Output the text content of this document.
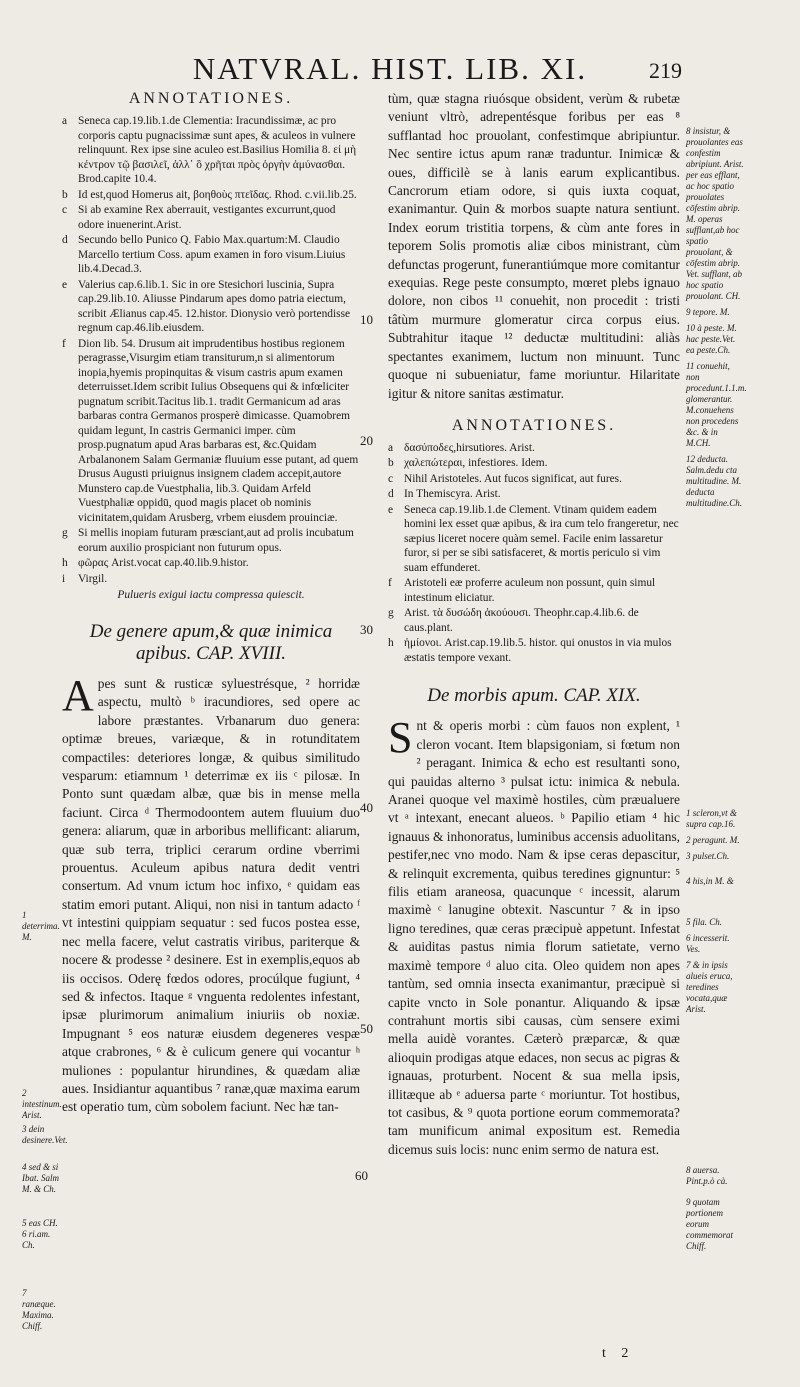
NATVRAL. HIST. LIB. XI.	219
ANNOTATIONES.
a Seneca cap.19.lib.1.de Clementia: Iracundissimæ, ac pro corporis captu pugnacissimæ sunt apes, & aculeos in vulnere relinquunt. Rex ipse sine aculeo est.Basilius Homilia 8. εἰ μὴ κέντρον τῷ βασιλεῖ, ἀλλ᾽ ὃ χρῆται πρὸς ὀργὴν ἀμύνασθαι. Brod.capite 10.4.
b Id est,quod Homerus ait, βοηθοὺς πτεῖδας. Rhod. c.vii.lib.25.
c Si ab examine Rex aberrauit, vestigantes excurrunt,quod odore inuenerint.Arist.
d Secundo bello Punico Q. Fabio Max.quartum:M. Claudio Marcello tertium Coss. apum examen in foro visum.Liuius lib.4.Decad.3.
e Valerius cap.6.lib.1. Sic in ore Stesichori luscinia, Supra cap.29.lib.10. Aliusse Pindarum apes domo patria eiectum, scribit Ælianus cap.45. 12.histor. Dionysio verò portendisse regnum cap.46.lib.eiusdem.
f	Dion lib. 54. Drusum ait imprudentibus hostibus regionem peragrasse,Visurgim etiam transiturum,n si alimentorum inopia,hyemis propinquitas & visum castris apum examen deterruisset.Idem scribit Iulius Obsequens qui & infœliciter pugnatum scribit.Tacitus lib.1. tradit Germanicum ad aras barbaras contra Germanos prosperè dimicasse. Quamobrem quidam legunt, In castris Germanici imper. cùm prosp.pugnatum apud Aras barbaras est, &c.Quidam Arbalanonem Salam Germaniæ fluuium esse putant, ad quem Drusus Augusti priuignus insignem cladem accepit,autore Munstero cap.de Vuestphalia, lib.3. Quidam Arfeld Vuestphaliæ oppidū, quod magis placet ob nominis vicinitatem,quidam Arusberg, vrbem eiusdem prouinciæ.
g Si mellis inopiam futuram præsciant,aut ad prolis incubatum eorum auxilio prospiciant non futurum opus.
h φῶρας Arist.vocat cap.40.lib.9.histor.
i	Virgil.
Pulueris exigui iactu compressa quiescit.
De genere apum,& quæ inimica apibus. CAP. XVIII.

Apes sunt & rusticæ syluestrésque, ² horridæ aspectu, multò ᵇ iracundiores, sed opere ac labore præstantes. Vrbanarum duo genera: optimæ breues, variæque, & in rotunditatem compactiles: deteriores longæ, & quibus similitudo vesparum: etiamnum ¹ deterrimæ ex iis ᶜ pilosæ. In Ponto sunt quædam albæ, quæ bis in mense mella faciunt. Circa ᵈ Thermodoontem autem fluuium duo genera: aliarum, quæ in arboribus mellificant: aliarum, quæ sub terra, triplici cerarum ordine vberrimi prouentus. Aculeum apibus natura dedit ventri consertum. Ad vnum ictum hoc infixo, ᵉ quidam eas statim emori putant. Aliqui, non nisi in tantum adacto ᶠ vt intestini quippiam sequatur : sed fucos postea esse, nec mella facere, velut castratis viribus, pariterque & nocere & prodesse ² desinere. Est in exemplis,equos ab iis occisos. Oderę fœdos odores, procúlque fugiunt, ⁴ sed & infectos. Itaque ᵍ vnguenta redolentes infestant, ipsæ plurimorum animalium iniuriis ob noxiæ. Impugnant ⁵ eos naturæ eiusdem degeneres vespæ atque crabrones, ⁶ & è culicum genere qui vocantur ʰ muliones : populantur hirundines, & quædam aliæ aues. Insidiantur aquantibus ⁷ ranæ,quæ maxima earum est operatio tum, cùm sobolem faciunt. Nec hæ tan-

tùm, quæ stagna riuósque obsident, verùm & rubetæ veniunt vltrò, adrepentésque foribus per eas ⁸ sufflantad hoc prouolant, confestimque abripiuntur. Nec sentire ictus apum ranæ traduntur. Inimicæ & oues, difficilè se à lanis earum explicantibus. Cancrorum etiam odore, si quis iuxta coquat, exanimantur. Quin & morbos suapte natura sentiunt. Index eorum tristitia torpens, & cùm ante fores in teporem Solis promotis aliæ cibos ministrant, cùm defunctas progerunt, funerantiúmque more comitantur exequias. Rege peste consumpto, mœret plebs ignauo dolore, non cibos ¹¹ conuehit, non procedit : tristi tâtùm murmure glomeratur circa corpus eius. Subtrahitur itaque ¹² deductæ multitudini: aliàs spectantes exanimem, luctum non minuunt. Tunc quoque ni subueniatur, fame moriuntur. Hilaritate igitur & nitore sanitas æstimatur.

ANNOTATIONES.
a δασύποδες,hirsutiores. Arist.
b χαλεπώτεραι, infestiores. Idem.
c Nihil Aristoteles. Aut fucos significat, aut fures.
d In Themiscyra. Arist.
e Seneca cap.19.lib.1.de Clement. Vtinam quidem eadem homini lex esset quæ apibus, & ira cum telo frangeretur, nec sæpius liceret nocere quàm semel. Facile enim lassaretur furor, si per se sibi satisfaceret, & mortis periculo si vim suam effunderet.
f	Aristoteli eæ proferre aculeum non possunt, quin simul intestinum eliciatur.
g Arist. τὰ δυσώδη ἀκούουσι. Theophr.cap.4.lib.6. de caus.plant.
h ἡμίονοι. Arist.cap.19.lib.5. histor. qui onustos in via mulos æstatis tempore vexant.
De morbis apum. CAP. XIX.

Snt & operis morbi : cùm fauos non explent, ¹ cleron vocant. Item blapsigoniam, si fœtum non ² peragant. Inimica & echo est resultanti sono, qui pauidas alterno ³ pulsat ictu: inimica & nebula. Aranei quoque vel maximè hostiles, cùm præualuere vt ᵃ intexant, enecant alueos. ᵇ Papilio etiam ⁴ hic ignauus & inhonoratus, luminibus accensis aduolitans, pestifer,nec vno modo. Nam & ipse ceras depascitur, & relinquit excrementa, quibus teredines gignuntur: ⁵ filis etiam araneosa, quacunque ᶜ incessit, alarum maximè ᶜ lanugine obtexit. Nascuntur ⁷ & in ipso ligno teredines, quæ ceras præcipuè appetunt. Infestat & auiditas pastus nimia florum satietate, verno maximè tempore ᵈ aluo cita. Oleo quidem non apes tantùm, sed omnia insecta exanimantur, præcipuè si capite vncto in Sole ponantur. Aliquando & ipsæ contrahunt mortis sibi causas, cùm sensere eximi mella auidè vorantes. Cæterò præparcæ, & quæ alioquin prodigas atque edaces, non secus ac pigras & ignauas, proturbent. Nocent & sua mella ipsis, illitæque ab ᵉ aduersa parte ᶜ moriuntur. Tot hostibus, tot casibus, & ⁹ quota portione eorum commemorata? tam munificum animal expositum est. Remedia dicemus suis locis: nunc enim sermo de natura est.

10
20
30
40
50
60

8 insistur, & prouolantes eas confestim abripiunt. Arist. per eas efflant, ac hoc spatio prouolates cōfestim abrip. M. operas sufflant,ab hoc spatio prouolant, & cōfestim abrip. Vet. sufflant, ab hoc spatio prouolant. CH.

9 tepore. M.

10 à peste. M. hac peste.Vet. ea peste.Ch.

11 conuehit, non procedunt.1.1.m. glomerantur. M.conuehens non procedens &c. & in M.CH.

12 deducta. Salm.dedu cta multitudine. M. deducta multitudine.Ch.

1 scleron,vt & supra cap.16.

2 peragunt. M.

3 pulset.Ch.

4 his,in M. &

5 fila. Ch.

6 incesserit. Ves.

7 & in ipsis alueis eruca, teredines vocata,quæ Arist.

8 auersa. Pint.p.ò cà.

9 quotam portionem eorum commemorat Chiff.

1 deterrima. M.

2 intestinum. Arist.

3 dein desinere.Vet.

4 sed & si Ibat. Salm M. & Ch.

5 eas CH. 6 ri.am. Ch.

7 ranæque. Maxima. Chiff.

t 2
